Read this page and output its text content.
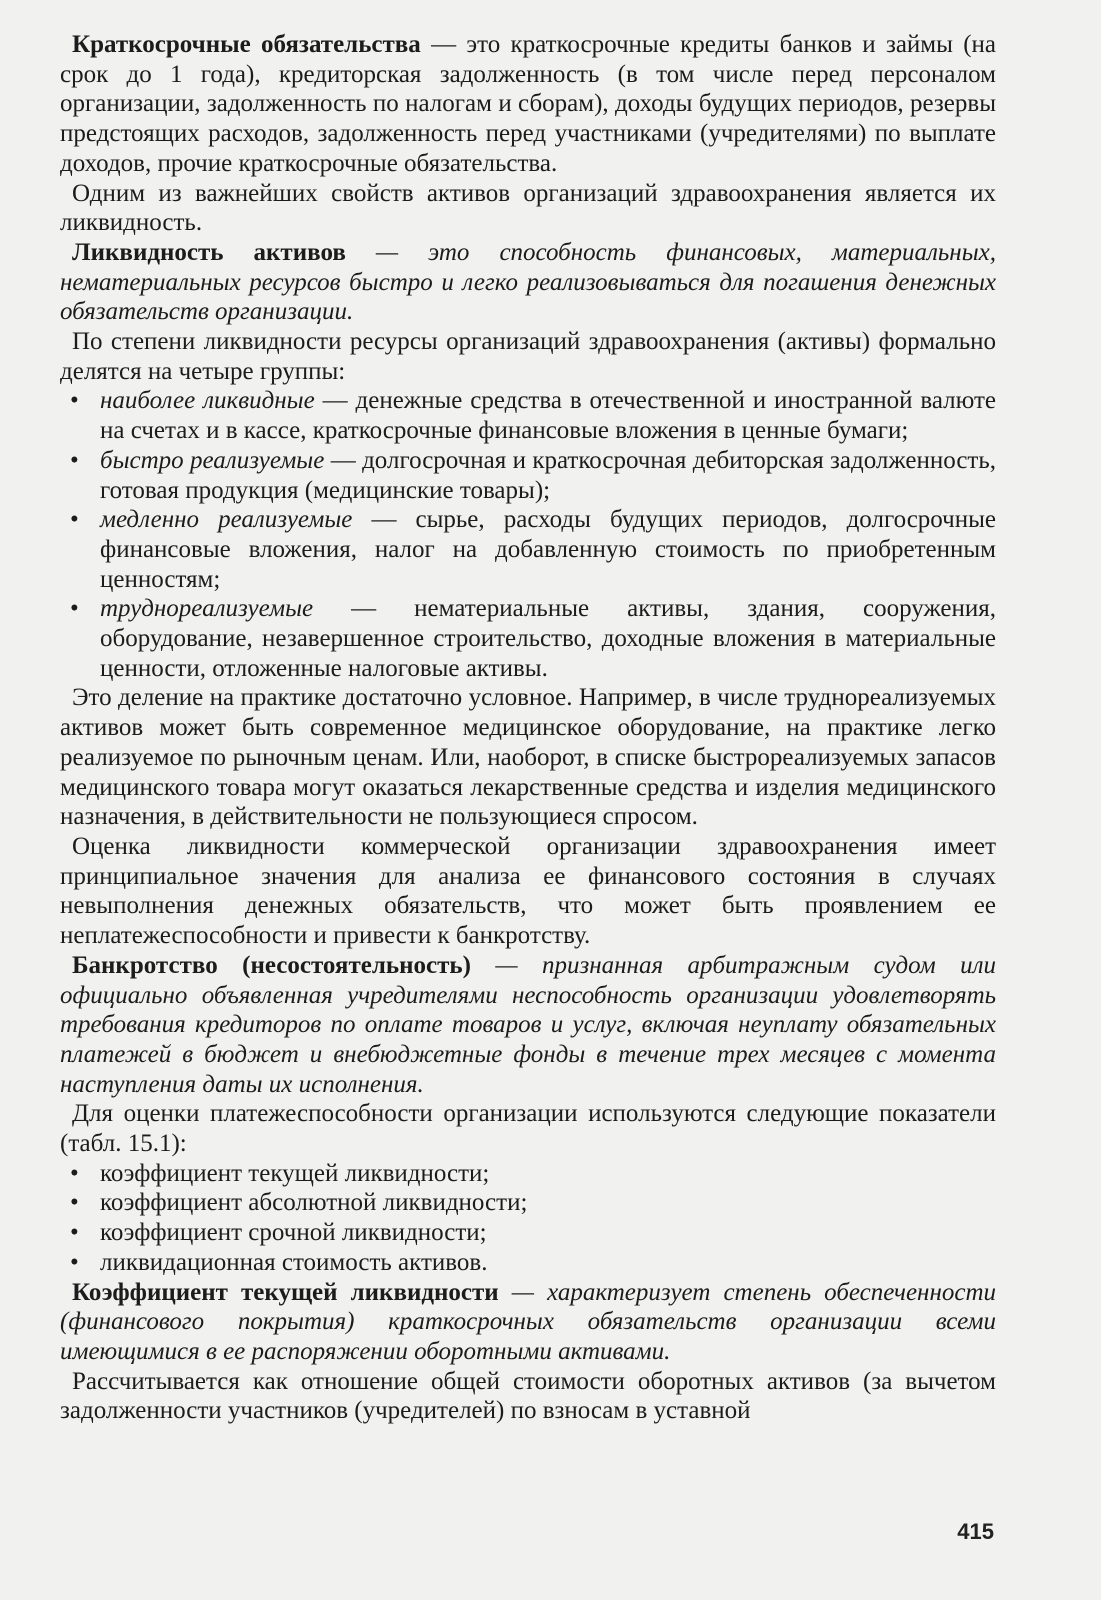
Краткосрочные обязательства — это краткосрочные кредиты банков и займы (на срок до 1 года), кредиторская задолженность (в том числе перед персоналом организации, задолженность по налогам и сборам), доходы будущих периодов, резервы предстоящих расходов, задолженность перед участниками (учредителями) по выплате доходов, прочие краткосрочные обязательства.

Одним из важнейших свойств активов организаций здравоохранения является их ликвидность.

Ликвидность активов — это способность финансовых, материальных, нематериальных ресурсов быстро и легко реализовываться для погашения денежных обязательств организации.

По степени ликвидности ресурсы организаций здравоохранения (активы) формально делятся на четыре группы:

• наиболее ликвидные — денежные средства в отечественной и иностранной валюте на счетах и в кассе, краткосрочные финансовые вложения в ценные бумаги;
• быстро реализуемые — долгосрочная и краткосрочная дебиторская задолженность, готовая продукция (медицинские товары);
• медленно реализуемые — сырье, расходы будущих периодов, долгосрочные финансовые вложения, налог на добавленную стоимость по приобретенным ценностям;
• труднореализуемые — нематериальные активы, здания, сооружения, оборудование, незавершенное строительство, доходные вложения в материальные ценности, отложенные налоговые активы.

Это деление на практике достаточно условное. Например, в числе труднореализуемых активов может быть современное медицинское оборудование, на практике легко реализуемое по рыночным ценам. Или, наоборот, в списке быстрореализуемых запасов медицинского товара могут оказаться лекарственные средства и изделия медицинского назначения, в действительности не пользующиеся спросом.

Оценка ликвидности коммерческой организации здравоохранения имеет принципиальное значения для анализа ее финансового состояния в случаях невыполнения денежных обязательств, что может быть проявлением ее неплатежеспособности и привести к банкротству.

Банкротство (несостоятельность) — признанная арбитражным судом или официально объявленная учредителями неспособность организации удовлетворять требования кредиторов по оплате товаров и услуг, включая неуплату обязательных платежей в бюджет и внебюджетные фонды в течение трех месяцев с момента наступления даты их исполнения.

Для оценки платежеспособности организации используются следующие показатели (табл. 15.1):

• коэффициент текущей ликвидности;
• коэффициент абсолютной ликвидности;
• коэффициент срочной ликвидности;
• ликвидационная стоимость активов.

Коэффициент текущей ликвидности — характеризует степень обеспеченности (финансового покрытия) краткосрочных обязательств организации всеми имеющимися в ее распоряжении оборотными активами.

Рассчитывается как отношение общей стоимости оборотных активов (за вычетом задолженности участников (учредителей) по взносам в уставной

415
